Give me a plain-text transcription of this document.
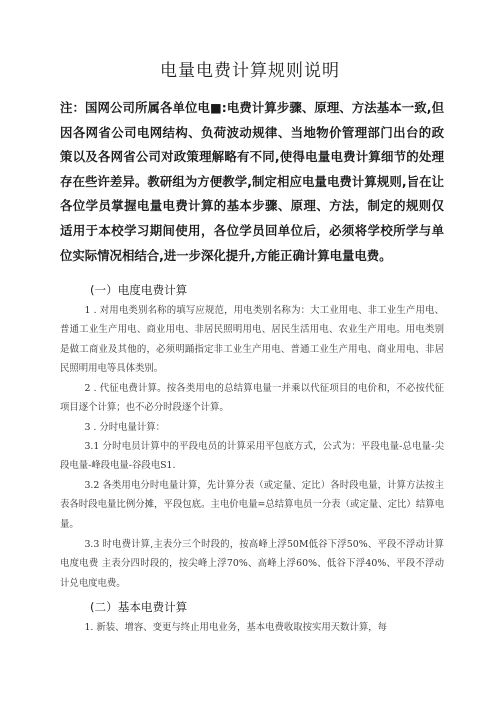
电量电费计算规则说明
注：国网公司所属各单位电■:电费计算步骤、原理、方法基本一致,但因各网省公司电网结构、负荷波动规律、当地物价管理部门出台的政策以及各网省公司对政策理解略有不同,使得电量电费计算细节的处理存在些许差异。教研组为方便教学,制定相应电量电费计算规则,旨在让各位学员掌握电量电费计算的基本步骤、原理、方法，制定的规则仅适用于本校学习期间使用，各位学员回单位后，必须将学校所学与单位实际情况相结合,进一步深化提升,方能正确计算电量电费。
(一）电度电费计算
1 . 对用电类别名称的填写应规范，用电类别名称为：大工业用电、非工业生产用电、普通工业生产用电、商业用电、非居民照明用电、居民生活用电、农业生产用电。用电类别是做工商业及其他的，必须明踊指定非工业生产用电、普通工业生产用电、商业用电、非居民照明用电等具体类别。
2 . 代征电费计算。按各类用电的总结算电量一并乘以代征项目的电价和，不必按代征项目逐个计算；也不必分时段逐个计算。
3 . 分时电量计算：
3.1 分时电员计算中的平段电员的计算采用平包底方式，公式为：平段电量-总电量-尖段电量-峰段电量-谷段电S1.
3.2 各类用电分时电量计算，先计算分表（或定量、定比）各时段电量，计算方法按主表各时段电量比例分摊，平段包底。主电价电量=总结算电员一分表（或定量、定比）结算电量。
3.3 时电费计算,主表分三个时段的，按高峰上浮50M低谷下浮50%、平段不浮动计算电度电费 主表分四时段的，按尖峰上浮70%、高峰上浮60%、低谷下浮40%、平段不浮动计兑电度电费。
(二）基本电费计算
1. 新装、增容、变更与终止用电业务，基本电费收取按实用天数计算，每
